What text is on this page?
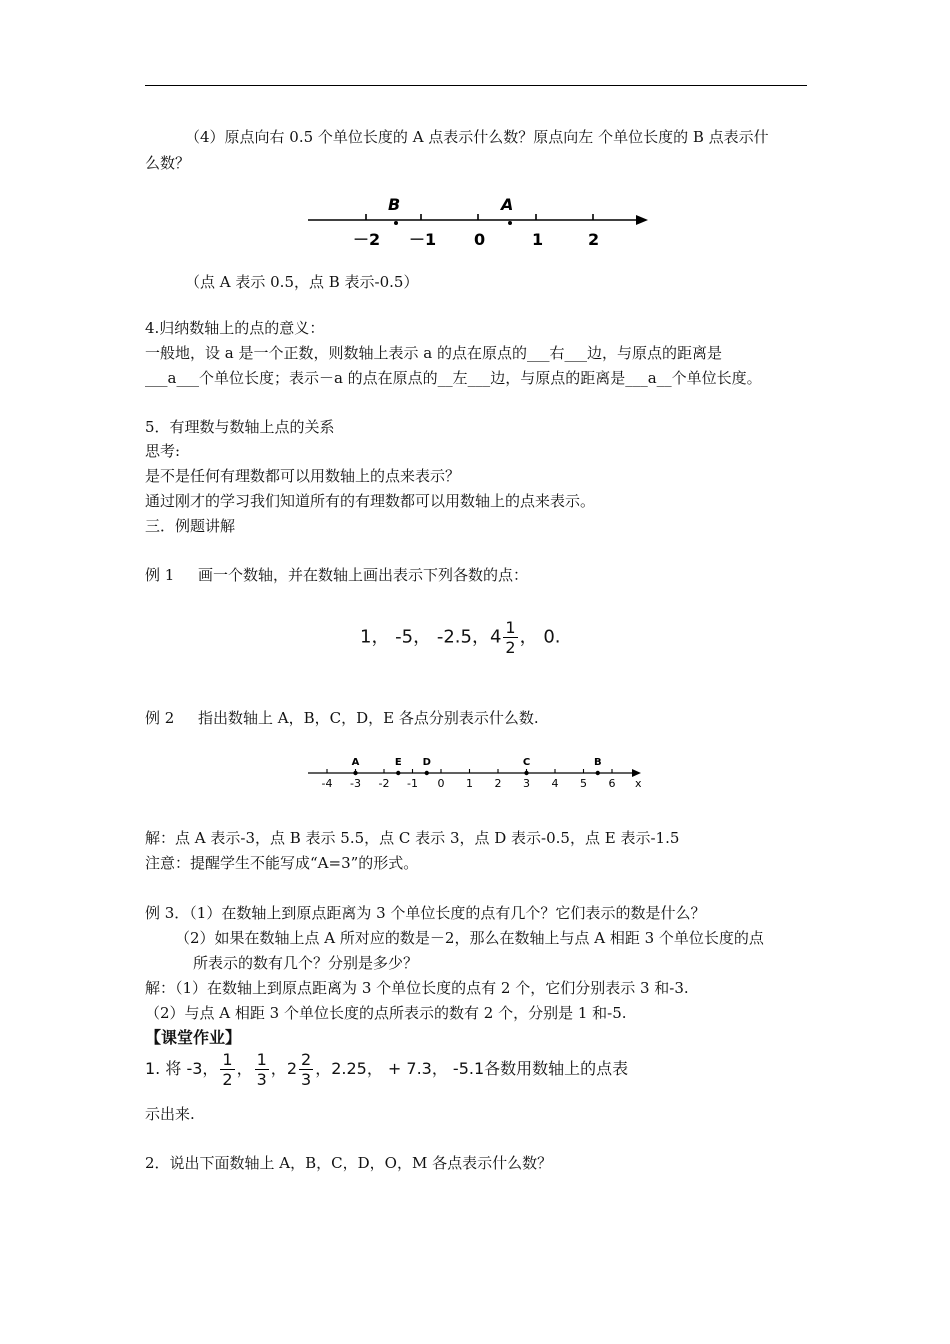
（4）原点向右 0.5 个单位长度的 A 点表示什么数？原点向左 个单位长度的 B 点表示什
么数？
B	A
－2 －1 0	1	2
（点 A 表示 0.5，点 B 表示-0.5）
4.归纳数轴上的点的意义：
一般地，设 a 是一个正数，则数轴上表示 a 的点在原点的___右___边，与原点的距离是
___a___个单位长度；表示－a 的点在原点的__左___边，与原点的距离是___a__个单位长度。
5．有理数与数轴上点的关系
思考:
是不是任何有理数都可以用数轴上的点来表示？
通过刚才的学习我们知道所有的有理数都可以用数轴上的点来表示。
三．例题讲解
例 1 画一个数轴，并在数轴上画出表示下列各数的点：
1， -5， -2.5，$4 \frac{1}{2}$ ， 0.
例 2 指出数轴上 A，B，C，D，E 各点分别表示什么数.
x
-4 -3 -2 -1 0 1 2 3 4 5 6
A	E D	C	B
解：点 A 表示-3，点 B 表示 5.5，点 C 表示 3，点 D 表示-0.5，点 E 表示-1.5
注意：提醒学生不能写成“A=3”的形式。
例 3．（1）在数轴上到原点距离为 3 个单位长度的点有几个？它们表示的数是什么？
（2）如果在数轴上点 A 所对应的数是－2，那么在数轴上与点 A 相距 3 个单位长度的点
所表示的数有几个？分别是多少？
解：（1）在数轴上到原点距离为 3 个单位长度的点有 2 个，它们分别表示 3 和-3.
（2）与点 A 相距 3 个单位长度的点所表示的数有 2 个，分别是 1 和-5.
【课堂作业】
1. 将 -3， $\frac{1}{2}$ ， $\frac{1}{3}$ ，$2 \frac{2}{3}$ ，2.25， + 7.3， -5.1各数用数轴上的点表
示出来.
2．说出下面数轴上 A，B，C，D，O，M 各点表示什么数？
